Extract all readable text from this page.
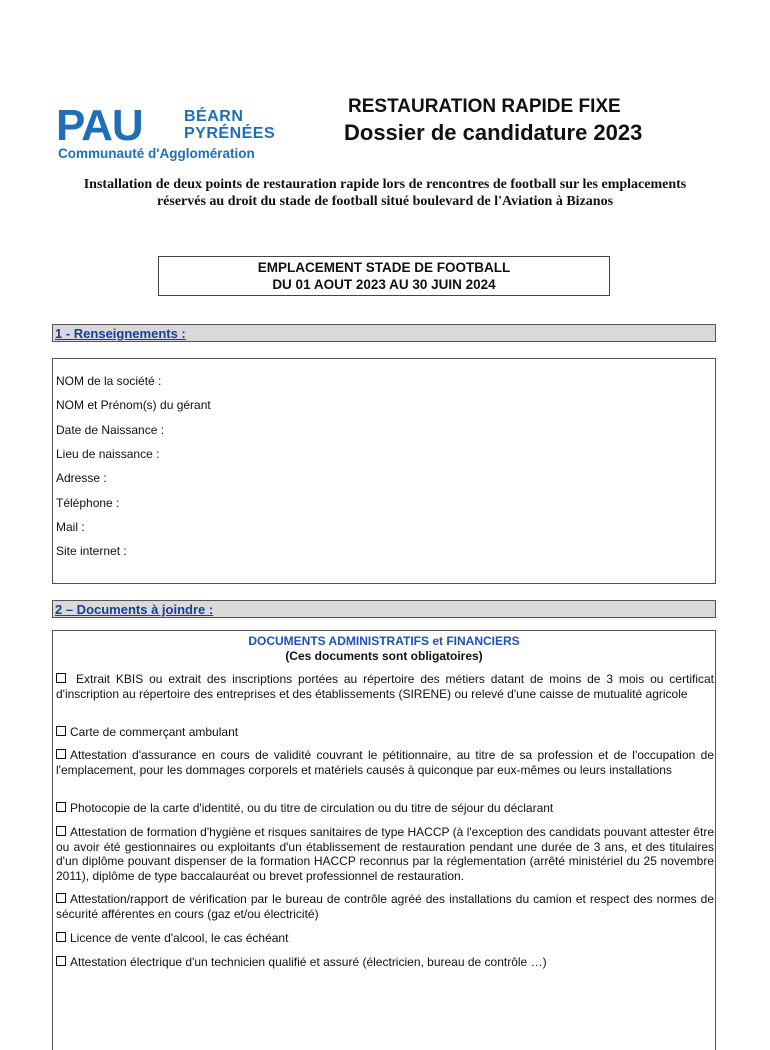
PAU	BÉARN
PYRÉNÉES
Communauté d'Agglomération
RESTAURATION RAPIDE FIXE
Dossier de candidature 2023
Installation de deux points de restauration rapide lors de rencontres de football sur les emplacements réservés au droit du stade de football situé boulevard de l'Aviation à Bizanos
EMPLACEMENT STADE DE FOOTBALL
DU 01 AOUT 2023 AU 30 JUIN 2024
1 - Renseignements :
NOM de la société :
NOM et Prénom(s) du gérant
Date de Naissance :
Lieu de naissance :
Adresse :
Téléphone :
Mail :
Site internet :
2 – Documents à joindre :
DOCUMENTS ADMINISTRATIFS et FINANCIERS
(Ces documents sont obligatoires)
Extrait KBIS ou extrait des inscriptions portées au répertoire des métiers datant de moins de 3 mois ou certificat d'inscription au répertoire des entreprises et des établissements (SIRENE) ou relevé d'une caisse de mutualité agricole
Carte de commerçant ambulant
Attestation d'assurance en cours de validité couvrant le pétitionnaire, au titre de sa profession et de l'occupation de l'emplacement, pour les dommages corporels et matériels causés à quiconque par eux-mêmes ou leurs installations
Photocopie de la carte d'identité, ou du titre de circulation ou du titre de séjour du déclarant
Attestation de formation d'hygiène et risques sanitaires de type HACCP (à l'exception des candidats pouvant attester être ou avoir été gestionnaires ou exploitants d'un établissement de restauration pendant une durée de 3 ans, et des titulaires d'un diplôme pouvant dispenser de la formation HACCP reconnus par la réglementation (arrêté ministériel du 25 novembre 2011), diplôme de type baccalauréat ou brevet professionnel de restauration.
Attestation/rapport de vérification par le bureau de contrôle agréé des installations du camion et respect des normes de sécurité afférentes en cours (gaz et/ou électricité)
Licence de vente d'alcool, le cas échéant
Attestation électrique d'un technicien qualifié et assuré (électricien, bureau de contrôle …)
